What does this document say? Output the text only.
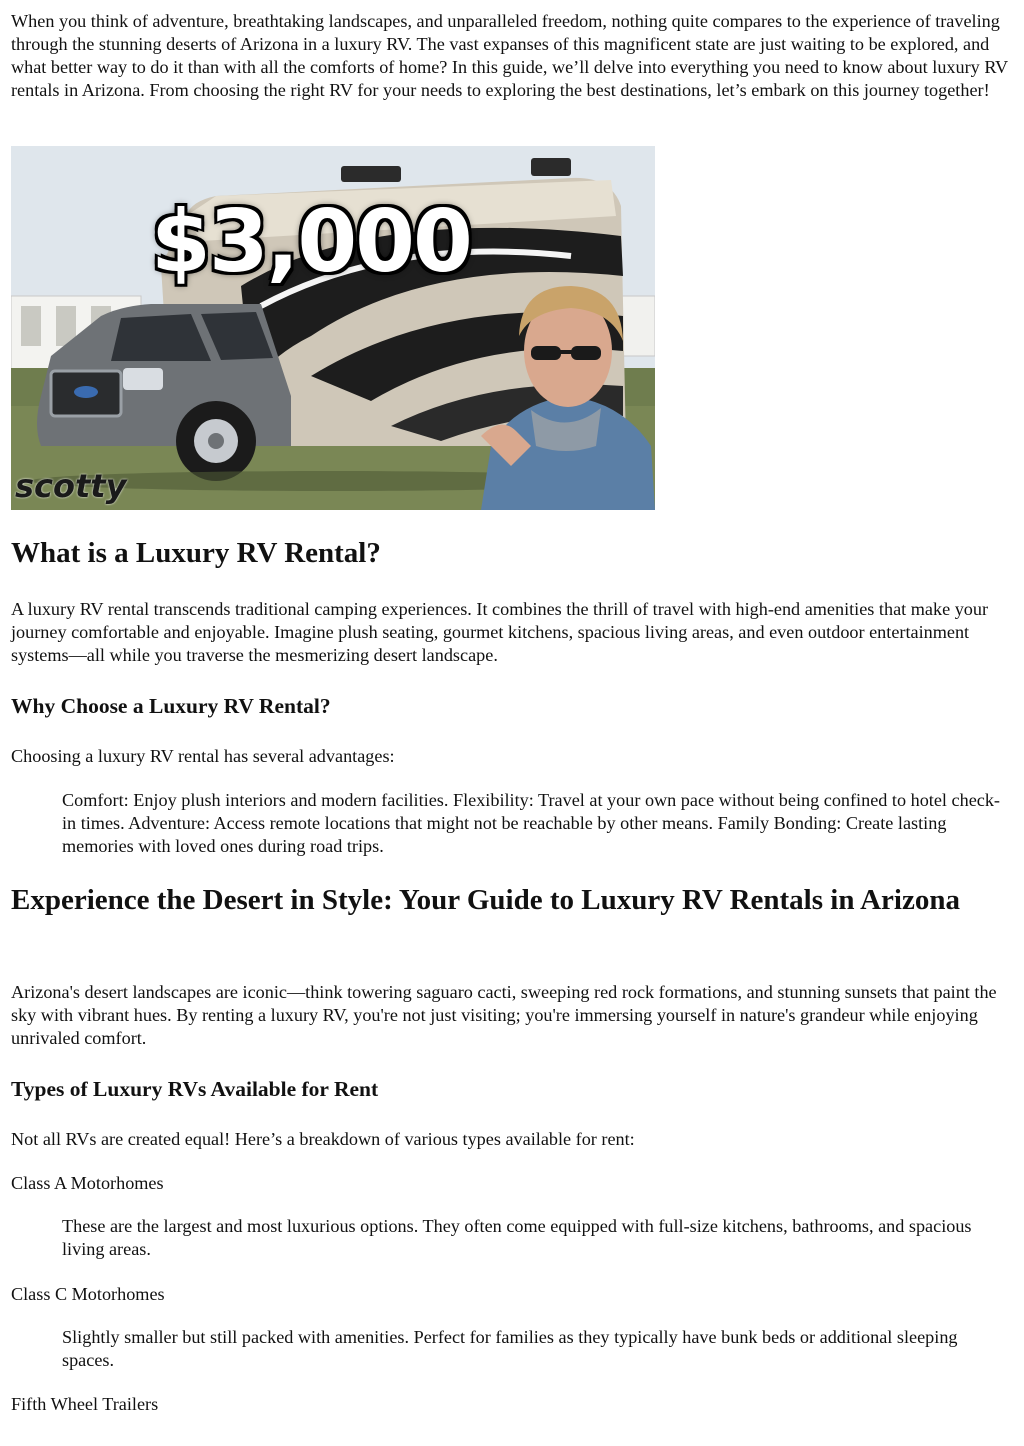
When you think of adventure, breathtaking landscapes, and unparalleled freedom, nothing quite compares to the experience of traveling through the stunning deserts of Arizona in a luxury RV. The vast expanses of this magnificent state are just waiting to be explored, and what better way to do it than with all the comforts of home? In this guide, we’ll delve into everything you need to know about luxury RV rentals in Arizona. From choosing the right RV for your needs to exploring the best destinations, let’s embark on this journey together!

$3,000
scotty
What is a Luxury RV Rental?

A luxury RV rental transcends traditional camping experiences. It combines the thrill of travel with high-end amenities that make your journey comfortable and enjoyable. Imagine plush seating, gourmet kitchens, spacious living areas, and even outdoor entertainment systems—all while you traverse the mesmerizing desert landscape.

Why Choose a Luxury RV Rental?

Choosing a luxury RV rental has several advantages:

Comfort: Enjoy plush interiors and modern facilities. Flexibility: Travel at your own pace without being confined to hotel check-in times. Adventure: Access remote locations that might not be reachable by other means. Family Bonding: Create lasting memories with loved ones during road trips.

Experience the Desert in Style: Your Guide to Luxury RV Rentals in Arizona

Arizona's desert landscapes are iconic—think towering saguaro cacti, sweeping red rock formations, and stunning sunsets that paint the sky with vibrant hues. By renting a luxury RV, you're not just visiting; you're immersing yourself in nature's grandeur while enjoying unrivaled comfort.

Types of Luxury RVs Available for Rent

Not all RVs are created equal! Here’s a breakdown of various types available for rent:

Class A Motorhomes

These are the largest and most luxurious options. They often come equipped with full-size kitchens, bathrooms, and spacious living areas.

Class C Motorhomes

Slightly smaller but still packed with amenities. Perfect for families as they typically have bunk beds or additional sleeping spaces.

Fifth Wheel Trailers
